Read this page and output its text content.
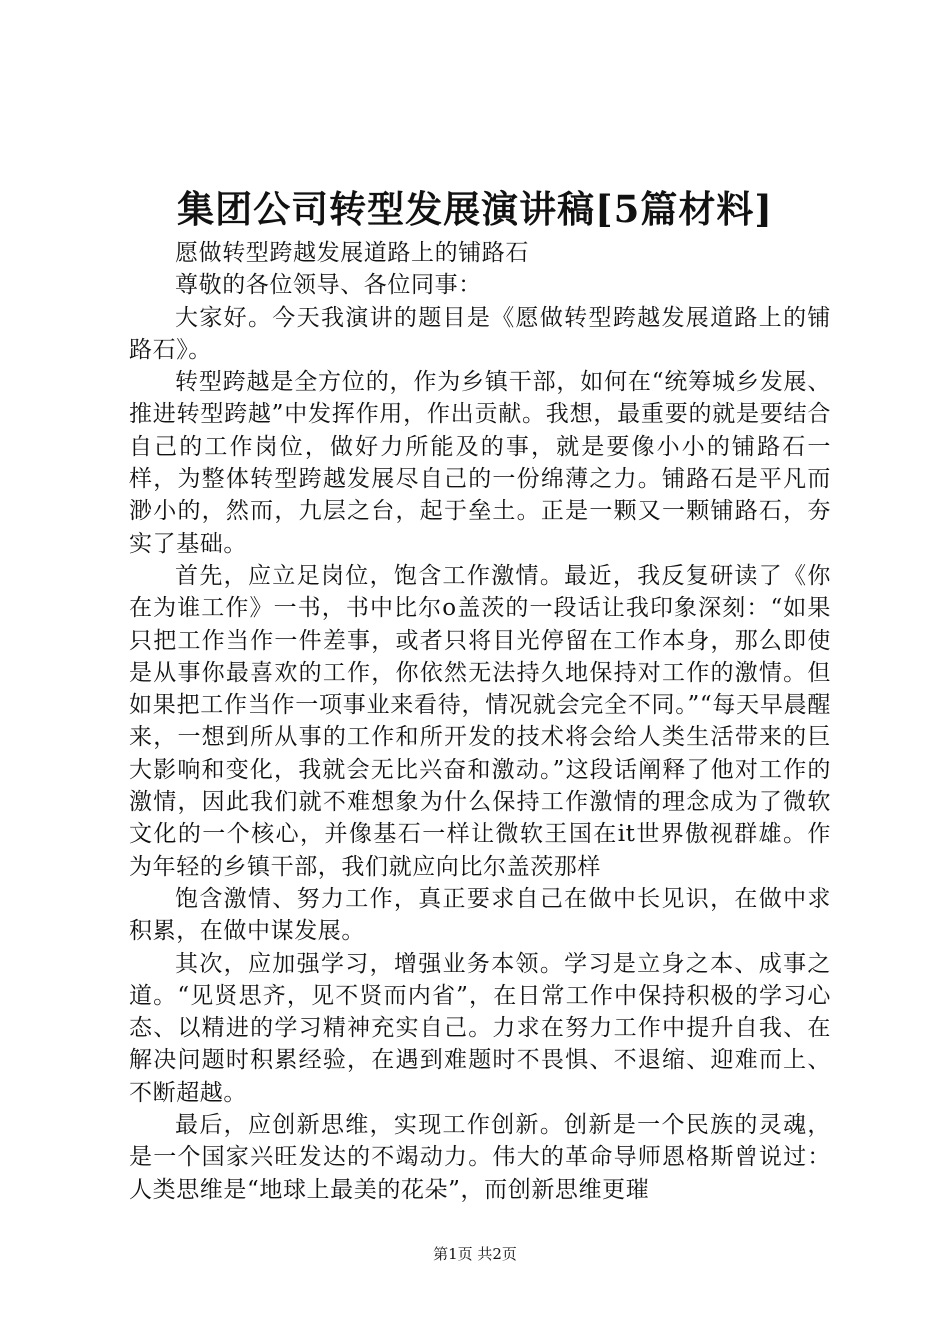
集团公司转型发展演讲稿[5篇材料]

愿做转型跨越发展道路上的铺路石

尊敬的各位领导、各位同事：

大家好。今天我演讲的题目是《愿做转型跨越发展道路上的铺路石》。

转型跨越是全方位的，作为乡镇干部，如何在“统筹城乡发展、推进转型跨越”中发挥作用，作出贡献。我想，最重要的就是要结合自己的工作岗位，做好力所能及的事，就是要像小小的铺路石一样，为整体转型跨越发展尽自己的一份绵薄之力。铺路石是平凡而渺小的，然而，九层之台，起于垒土。正是一颗又一颗铺路石，夯实了基础。

首先，应立足岗位，饱含工作激情。最近，我反复研读了《你在为谁工作》一书，书中比尔o盖茨的一段话让我印象深刻：“如果只把工作当作一件差事，或者只将目光停留在工作本身，那么即使是从事你最喜欢的工作，你依然无法持久地保持对工作的激情。但如果把工作当作一项事业来看待，情况就会完全不同。”“每天早晨醒来，一想到所从事的工作和所开发的技术将会给人类生活带来的巨大影响和变化，我就会无比兴奋和激动。”这段话阐释了他对工作的激情，因此我们就不难想象为什么保持工作激情的理念成为了微软文化的一个核心，并像基石一样让微软王国在it世界傲视群雄。作为年轻的乡镇干部，我们就应向比尔盖茨那样

饱含激情、努力工作，真正要求自己在做中长见识，在做中求积累，在做中谋发展。

其次，应加强学习，增强业务本领。学习是立身之本、成事之道。“见贤思齐，见不贤而内省”，在日常工作中保持积极的学习心态、以精进的学习精神充实自己。力求在努力工作中提升自我、在解决问题时积累经验，在遇到难题时不畏惧、不退缩、迎难而上、不断超越。

最后，应创新思维，实现工作创新。创新是一个民族的灵魂，是一个国家兴旺发达的不竭动力。伟大的革命导师恩格斯曾说过：人类思维是“地球上最美的花朵”，而创新思维更璀

第1页 共2页
